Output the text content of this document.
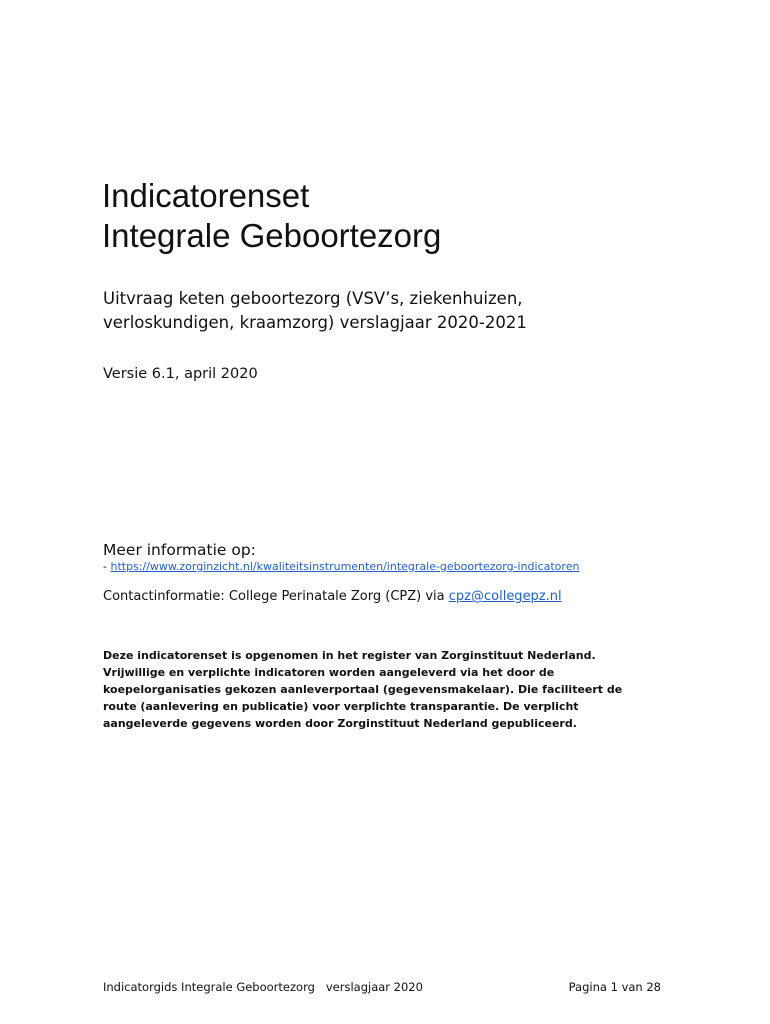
Indicatorenset
Integrale Geboortezorg

Uitvraag keten geboortezorg (VSV’s, ziekenhuizen,
verloskundigen, kraamzorg) verslagjaar 2020-2021

Versie 6.1, april 2020
Meer informatie op:
- https://www.zorginzicht.nl/kwaliteitsinstrumenten/integrale-geboortezorg-indicatoren
Contactinformatie: College Perinatale Zorg (CPZ) via cpz@collegepz.nl

Deze indicatorenset is opgenomen in het register van Zorginstituut Nederland.
Vrijwillige en verplichte indicatoren worden aangeleverd via het door de
koepelorganisaties gekozen aanleverportaal (gegevensmakelaar). Die faciliteert de
route (aanlevering en publicatie) voor verplichte transparantie. De verplicht
aangeleverde gegevens worden door Zorginstituut Nederland gepubliceerd.

Indicatorgids Integrale Geboortezorg   verslagjaar 2020	Pagina 1 van 28
